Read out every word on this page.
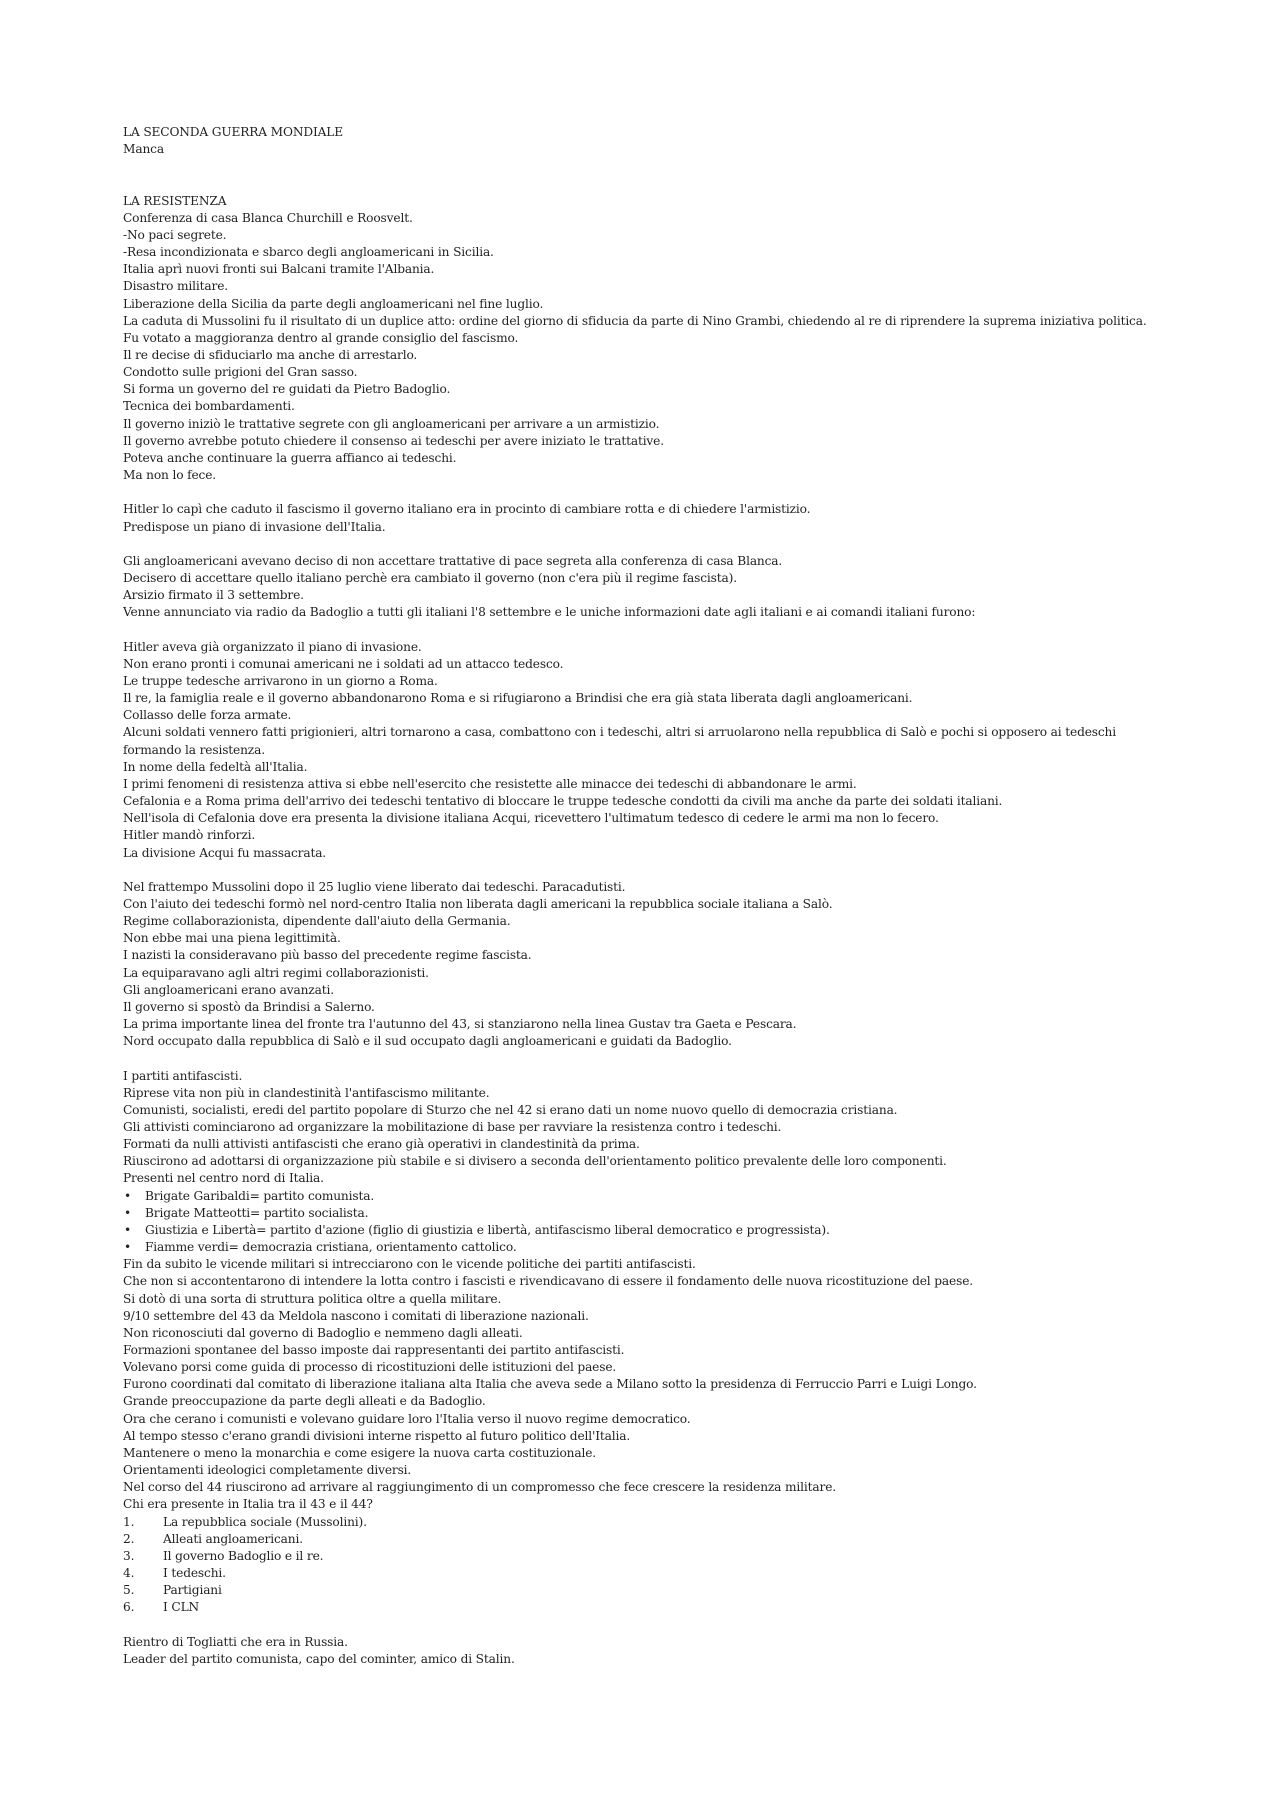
LA SECONDA GUERRA MONDIALE
Manca
LA RESISTENZA
Conferenza di casa Blanca Churchill e Roosvelt.
-No paci segrete.
-Resa incondizionata e sbarco degli angloamericani in Sicilia.
Italia aprì nuovi fronti sui Balcani tramite l'Albania.
Disastro militare.
Liberazione della Sicilia da parte degli angloamericani nel fine luglio.
La caduta di Mussolini fu il risultato di un duplice atto: ordine del giorno di sfiducia da parte di Nino Grambi, chiedendo al re di riprendere la suprema iniziativa politica.
Fu votato a maggioranza dentro al grande consiglio del fascismo.
Il re decise di sfiduciarlo ma anche di arrestarlo.
Condotto sulle prigioni del Gran sasso.
Si forma un governo del re guidati da Pietro Badoglio.
Tecnica dei bombardamenti.
Il governo iniziò le trattative segrete con gli angloamericani per arrivare a un armistizio.
Il governo avrebbe potuto chiedere il consenso ai tedeschi per avere iniziato le trattative.
Poteva anche continuare la guerra affianco ai tedeschi.
Ma non lo fece.
Hitler lo capì che caduto il fascismo il governo italiano era in procinto di cambiare rotta e di chiedere l'armistizio.
Predispose un piano di invasione dell'Italia.
Gli angloamericani avevano deciso di non accettare trattative di pace segreta alla conferenza di casa Blanca.
Decisero di accettare quello italiano perchè era cambiato il governo (non c'era più il regime fascista).
Arsizio firmato il 3 settembre.
Venne annunciato via radio da Badoglio a tutti gli italiani l'8 settembre e le uniche informazioni date agli italiani e ai comandi italiani furono:
Hitler aveva già organizzato il piano di invasione.
Non erano pronti i comunai americani ne i soldati ad un attacco tedesco.
Le truppe tedesche arrivarono in un giorno a Roma.
Il re, la famiglia reale e il governo abbandonarono Roma e si rifugiarono a Brindisi che era già stata liberata dagli angloamericani.
Collasso delle forza armate.
Alcuni soldati vennero fatti prigionieri, altri tornarono a casa, combattono con i tedeschi, altri si arruolarono nella repubblica di Salò e pochi si opposero ai tedeschi formando la resistenza.
In nome della fedeltà all'Italia.
I primi fenomeni di resistenza attiva si ebbe nell'esercito che resistette alle minacce dei tedeschi di abbandonare le armi.
Cefalonia e a Roma prima dell'arrivo dei tedeschi tentativo di bloccare le truppe tedesche condotti da civili ma anche da parte dei soldati italiani.
Nell'isola di Cefalonia dove era presenta la divisione italiana Acqui, ricevettero l'ultimatum tedesco di cedere le armi ma non lo fecero.
Hitler mandò rinforzi.
La divisione Acqui fu massacrata.
Nel frattempo Mussolini dopo il 25 luglio viene liberato dai tedeschi. Paracadutisti.
Con l'aiuto dei tedeschi formò nel nord-centro Italia non liberata dagli americani la repubblica sociale italiana a Salò.
Regime collaborazionista, dipendente dall'aiuto della Germania.
Non ebbe mai una piena legittimità.
I nazisti la consideravano più basso del precedente regime fascista.
La equiparavano agli altri regimi collaborazionisti.
Gli angloamericani erano avanzati.
Il governo si spostò da Brindisi a Salerno.
La prima importante linea del fronte tra l'autunno del 43, si stanziarono nella linea Gustav tra Gaeta e Pescara.
Nord occupato dalla repubblica di Salò e il sud occupato dagli angloamericani e guidati da Badoglio.
I partiti antifascisti.
Riprese vita non più in clandestinità l'antifascismo militante.
Comunisti, socialisti, eredi del partito popolare di Sturzo che nel 42 si erano dati un nome nuovo quello di democrazia cristiana.
Gli attivisti cominciarono ad organizzare la mobilitazione di base per ravviare la resistenza contro i tedeschi.
Formati da nulli attivisti antifascisti che erano già operativi in clandestinità da prima.
Riuscirono ad adottarsi di organizzazione più stabile e si divisero a seconda dell'orientamento politico prevalente delle loro componenti.
Presenti nel centro nord di Italia.
• Brigate Garibaldi= partito comunista.
• Brigate Matteotti= partito socialista.
• Giustizia e Libertà= partito d'azione (figlio di giustizia e libertà, antifascismo liberal democratico e progressista).
• Fiamme verdi= democrazia cristiana, orientamento cattolico.
Fin da subito le vicende militari si intrecciarono con le vicende politiche dei partiti antifascisti.
Che non si accontentarono di intendere la lotta contro i fascisti e rivendicavano di essere il fondamento delle nuova ricostituzione del paese.
Si dotò di una sorta di struttura politica oltre a quella militare.
9/10 settembre del 43 da Meldola nascono i comitati di liberazione nazionali.
Non riconosciuti dal governo di Badoglio e nemmeno dagli alleati.
Formazioni spontanee del basso imposte dai rappresentanti dei partito antifascisti.
Volevano porsi come guida di processo di ricostituzioni delle istituzioni del paese.
Furono coordinati dal comitato di liberazione italiana alta Italia che aveva sede a Milano sotto la presidenza di Ferruccio Parri e Luigi Longo.
Grande preoccupazione da parte degli alleati e da Badoglio.
Ora che cerano i comunisti e volevano guidare loro l'Italia verso il nuovo regime democratico.
Al tempo stesso c'erano grandi divisioni interne rispetto al futuro politico dell'Italia.
Mantenere o meno la monarchia e come esigere la nuova carta costituzionale.
Orientamenti ideologici completamente diversi.
Nel corso del 44 riuscirono ad arrivare al raggiungimento di un compromesso che fece crescere la residenza militare.
Chi era presente in Italia tra il 43 e il 44?
1. La repubblica sociale (Mussolini).
2. Alleati angloamericani.
3. Il governo Badoglio e il re.
4. I tedeschi.
5. Partigiani
6. I CLN
Rientro di Togliatti che era in Russia.
Leader del partito comunista, capo del cominter, amico di Stalin.
